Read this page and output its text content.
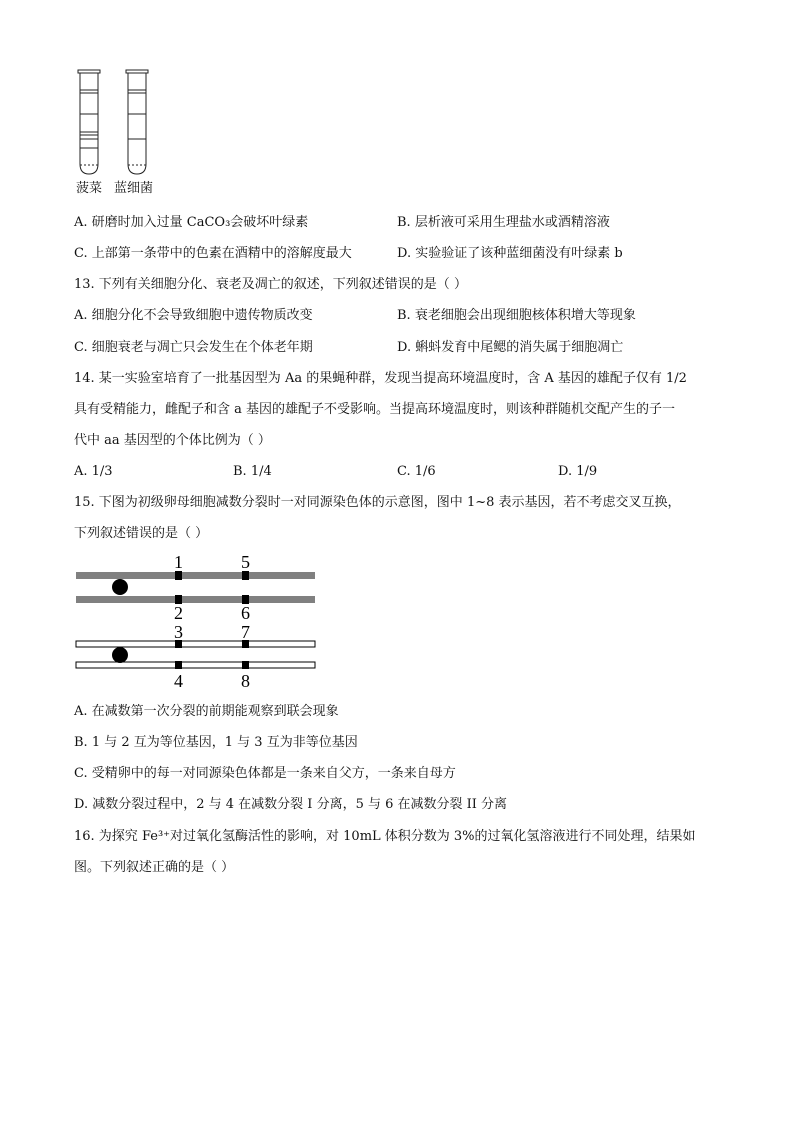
菠菜 蓝细菌
A. 研磨时加入过量 CaCO₃会破坏叶绿素	B. 层析液可采用生理盐水或酒精溶液
C. 上部第一条带中的色素在酒精中的溶解度最大	D. 实验验证了该种蓝细菌没有叶绿素 b
13. 下列有关细胞分化、衰老及凋亡的叙述，下列叙述错误的是（ ）
A. 细胞分化不会导致细胞中遗传物质改变	B. 衰老细胞会出现细胞核体积增大等现象
C. 细胞衰老与凋亡只会发生在个体老年期	D. 蝌蚪发育中尾鳃的消失属于细胞凋亡
14. 某一实验室培育了一批基因型为 Aa 的果蝇种群，发现当提高环境温度时，含 A 基因的雄配子仅有 1/2
具有受精能力，雌配子和含 a 基因的雄配子不受影响。当提高环境温度时，则该种群随机交配产生的子一
代中 aa 基因型的个体比例为（ ）
A. 1/3	B. 1/4	C. 1/6	D. 1/9
15. 下图为初级卵母细胞减数分裂时一对同源染色体的示意图，图中 1~8 表示基因，若不考虑交叉互换，
下列叙述错误的是（ ）
1	5
2	6
3	7
4	8
A. 在减数第一次分裂的前期能观察到联会现象
B. 1 与 2 互为等位基因，1 与 3 互为非等位基因
C. 受精卵中的每一对同源染色体都是一条来自父方，一条来自母方
D. 减数分裂过程中，2 与 4 在减数分裂 I 分离，5 与 6 在减数分裂 II 分离
16. 为探究 Fe³⁺对过氧化氢酶活性的影响，对 10mL 体积分数为 3%的过氧化氢溶液进行不同处理，结果如
图。下列叙述正确的是（ ）
